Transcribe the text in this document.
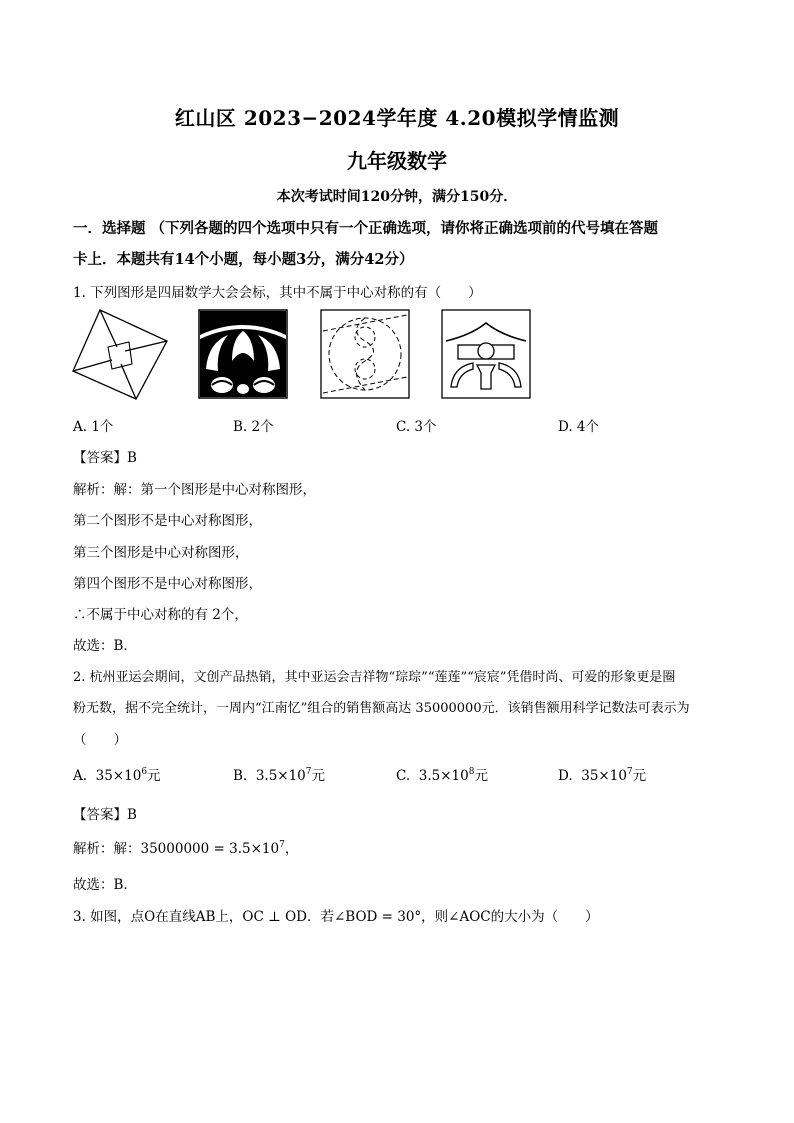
红山区 2023−2024学年度 4.20模拟学情监测
九年级数学
本次考试时间120分钟，满分150分．
一．选择题 （下列各题的四个选项中只有一个正确选项，请你将正确选项前的代号填在答题
卡上．本题共有14个小题，每小题3分，满分42分）
1. 下列图形是四届数学大会会标，其中不属于中心对称的有（　　）
A. 1个	B. 2个	C. 3个	D. 4个
【答案】B
解析：解：第一个图形是中心对称图形，
第二个图形不是中心对称图形，
第三个图形是中心对称图形，
第四个图形不是中心对称图形，
∴不属于中心对称的有 2个，
故选：B．
2. 杭州亚运会期间，文创产品热销，其中亚运会吉祥物“琮琮”“莲莲”“宸宸”凭借时尚、可爱的形象更是圈
粉无数，据不完全统计，一周内“江南忆”组合的销售额高达 35000000元．该销售额用科学记数法可表示为
（　　）
A. $35\times 10^6$元	B. $3.5\times 10^7$元	C. $3.5\times 10^8$元	D. $35\times 10^7$元
【答案】B
解析：解：$35000000 = 3.5\times 10^7$，
故选：B．
3. 如图，点O在直线AB上，OC ⊥ OD．若∠BOD = 30°，则∠AOC的大小为（　　）
